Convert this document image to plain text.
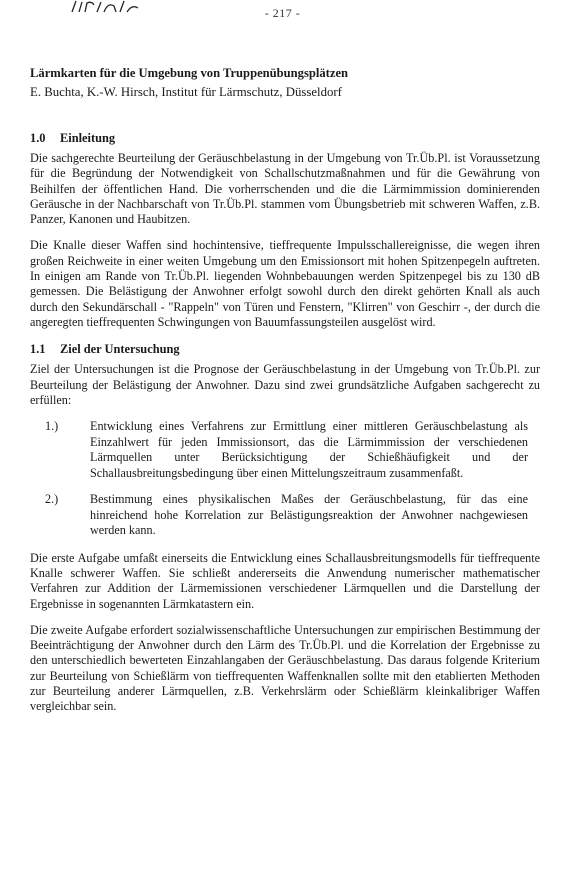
- 217 -
Lärmkarten für die Umgebung von Truppenübungsplätzen
E. Buchta, K.-W. Hirsch, Institut für Lärmschutz, Düsseldorf
1.0 Einleitung

Die sachgerechte Beurteilung der Geräuschbelastung in der Umgebung von Tr.Üb.Pl. ist Voraussetzung für die Begründung der Notwendigkeit von Schallschutzmaßnahmen und für die Gewährung von Beihilfen der öffentlichen Hand. Die vorherrschenden und die die Lärmimmission dominierenden Geräusche in der Nachbarschaft von Tr.Üb.Pl. stammen vom Übungsbetrieb mit schweren Waffen, z.B. Panzer, Kanonen und Haubitzen.

Die Knalle dieser Waffen sind hochintensive, tieffrequente Impulsschallereignisse, die wegen ihren großen Reichweite in einer weiten Umgebung um den Emissionsort mit hohen Spitzenpegeln auftreten. In einigen am Rande von Tr.Üb.Pl. liegenden Wohnbebauungen werden Spitzenpegel bis zu 130 dB gemessen. Die Belästigung der Anwohner erfolgt sowohl durch den direkt gehörten Knall als auch durch den Sekundärschall - "Rappeln" von Türen und Fenstern, "Klirren" von Geschirr -, der durch die angeregten tieffrequenten Schwingungen von Bauumfassungsteilen ausgelöst wird.

1.1 Ziel der Untersuchung

Ziel der Untersuchungen ist die Prognose der Geräuschbelastung in der Umgebung von Tr.Üb.Pl. zur Beurteilung der Belästigung der Anwohner. Dazu sind zwei grundsätzliche Aufgaben sachgerecht zu erfüllen:

1.)	Entwicklung eines Verfahrens zur Ermittlung einer mittleren Geräuschbelastung als Einzahlwert für jeden Immissionsort, das die Lärmimmission der verschiedenen Lärmquellen unter Berücksichtigung der Schießhäufigkeit und der Schallausbreitungsbedingung über einen Mittelungszeitraum zusammenfaßt.
2.)	Bestimmung eines physikalischen Maßes der Geräuschbelastung, für das eine hinreichend hohe Korrelation zur Belästigungsreaktion der Anwohner nachgewiesen werden kann.

Die erste Aufgabe umfaßt einerseits die Entwicklung eines Schallausbreitungsmodells für tieffrequente Knalle schwerer Waffen. Sie schließt andererseits die Anwendung numerischer mathematischer Verfahren zur Addition der Lärmemissionen verschiedener Lärmquellen und die Darstellung der Ergebnisse in sogenannten Lärmkatastern ein.

Die zweite Aufgabe erfordert sozialwissenschaftliche Untersuchungen zur empirischen Bestimmung der Beeinträchtigung der Anwohner durch den Lärm des Tr.Üb.Pl. und die Korrelation der Ergebnisse zu den unterschiedlich bewerteten Einzahlangaben der Geräuschbelastung. Das daraus folgende Kriterium zur Beurteilung von Schießlärm von tieffrequenten Waffenknallen sollte mit den etablierten Methoden zur Beurteilung anderer Lärmquellen, z.B. Verkehrslärm oder Schießlärm kleinkalibriger Waffen vergleichbar sein.
